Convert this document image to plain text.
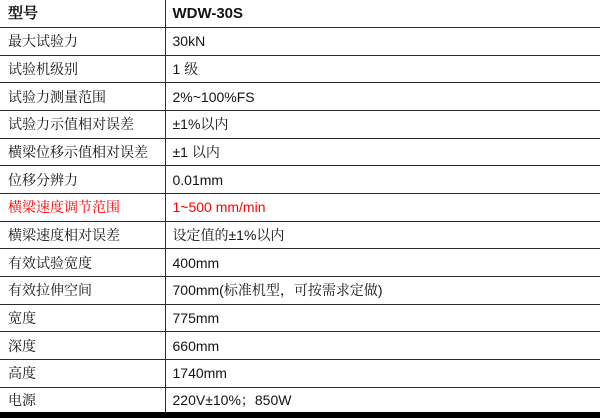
型号	WDW-30S
最大试验力	30kN
试验机级别	1 级
试验力测量范围	2%~100%FS
试验力示值相对误差	±1%以内
横梁位移示值相对误差	±1 以内
位移分辨力	0.01mm
横梁速度调节范围	1~500 mm/min
横梁速度相对误差	设定值的±1%以内
有效试验宽度	400mm
有效拉伸空间	700mm(标准机型，可按需求定做)
宽度	775mm
深度	660mm
高度	1740mm
电源	220V±10%；850W
